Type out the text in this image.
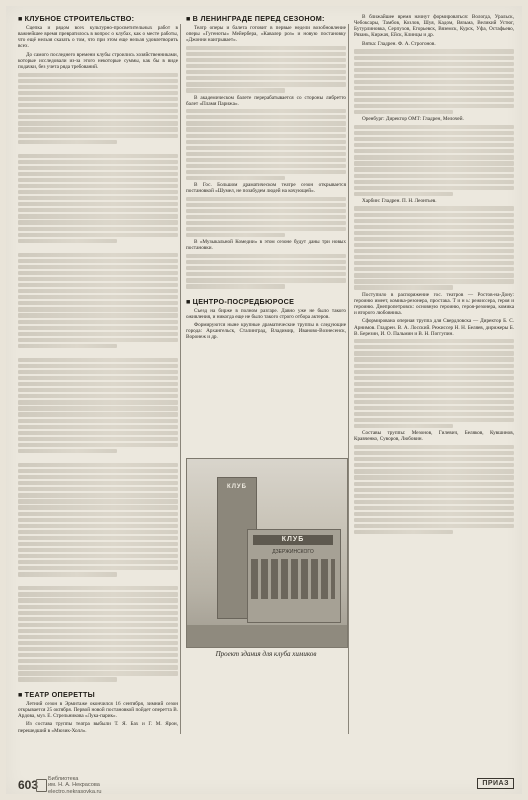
■ КЛУБНОЕ СТРОИТЕЛЬСТВО:

Сцепка и рядом всех культурно-просветительных работ в важнейшее время превратилось в вопрос о клубах, как о месте работы, что ещё нельзя сказать о том, что при этом еще нельзя удовлетворить всех.

До самого последнего времени клубы строились хозяйственниками, которые исследовали из-за этого некоторые суммы, как бы в виде подачки, без учета ряда требований.

■ ТЕАТР ОПЕРЕТТЫ

Летний сезон в Эрмитаже окончился 16 сентября, зимний сезон открывается 25 октября. Первой новой постановкой пойдет оперетта В. Ардова, муз. Е. Стрельникова «Лука-парик».

Из состава труппы театра выбыли Т. Я. Бах и Г. М. Ярон, перешедший в «Мюзик-Холл».

■ В ЛЕНИНГРАДЕ ПЕРЕД СЕЗОНОМ:

Театр оперы и балета готовит в первые недели возобновление оперы «Гугеноты» Мейербера, «Кавалер роз» и новую постановку «Джонни наигрывает».

В академическом балете перерабатывается со стороны либретто балет «Пламя Парижа».

В Гос. Большом драматическом театре сезон открывается постановкой «Шумел, не позабудем людей на кочующей».

В «Музыкальной Комедии» в этом сезоне будут даны три новых постановки.

■ ЦЕНТРО-ПОСРЕДБЮРОСЕ

Съезд на бирже в полном разгаре. Давно уже не было такого оживления, и никогда еще не было такого строго отбора актеров.

Формируются ныне крупные драматические труппы в следующие города: Архангельск, Сталинград, Владимир, Иваново-Вознесенск, Воронеж и др.

КЛУБ
КЛУБ
ДЗЕРЖИНСКОГО
Проект здания для клуба химиков

В ближайшее время начнут формироваться: Вологда, Уральск, Чебоксары, Тамбов, Козлов, Шуя, Кадом, Вязьма, Великий Устюг, Бутурлиновка, Серпухов, Егорьевск, Вяземск, Курск, Уфа, Остафьево, Рязань, Киржач, Ейск, Клинцы и др.

Вятка: Гладрен. Ф. А. Строгонов.

Оренбург: Директор ОМТ: Гладрен, Мелочей.

Харбин: Гладрен. П. Н. Леонтьев.

Поступило в распоряжение гос. театров — Ростов-на-Дону: героиню имеет, комика-резонера, простака. Т и н ь: режиссера, героя и героиню. Днепропетровск: основную героиню, героя-резонера, комика и второго любовника.

Сформирована оперная труппа для Свердловска — Директор Б. С. Арнимов. Гладрен. В. А. Лосский. Режиссер Н. Н. Беляев, дирижеры Б. В. Березин, И. О. Пальмин и В. Н. Поггупин.

Составы труппы: Мезонов, Гилевич, Беляков, Кувшинов, Кравченко, Суворов, Любовин.

603 Библиотека
им. Н. А. Некрасова
electro.nekrasovka.ru
ПРИАЗ
